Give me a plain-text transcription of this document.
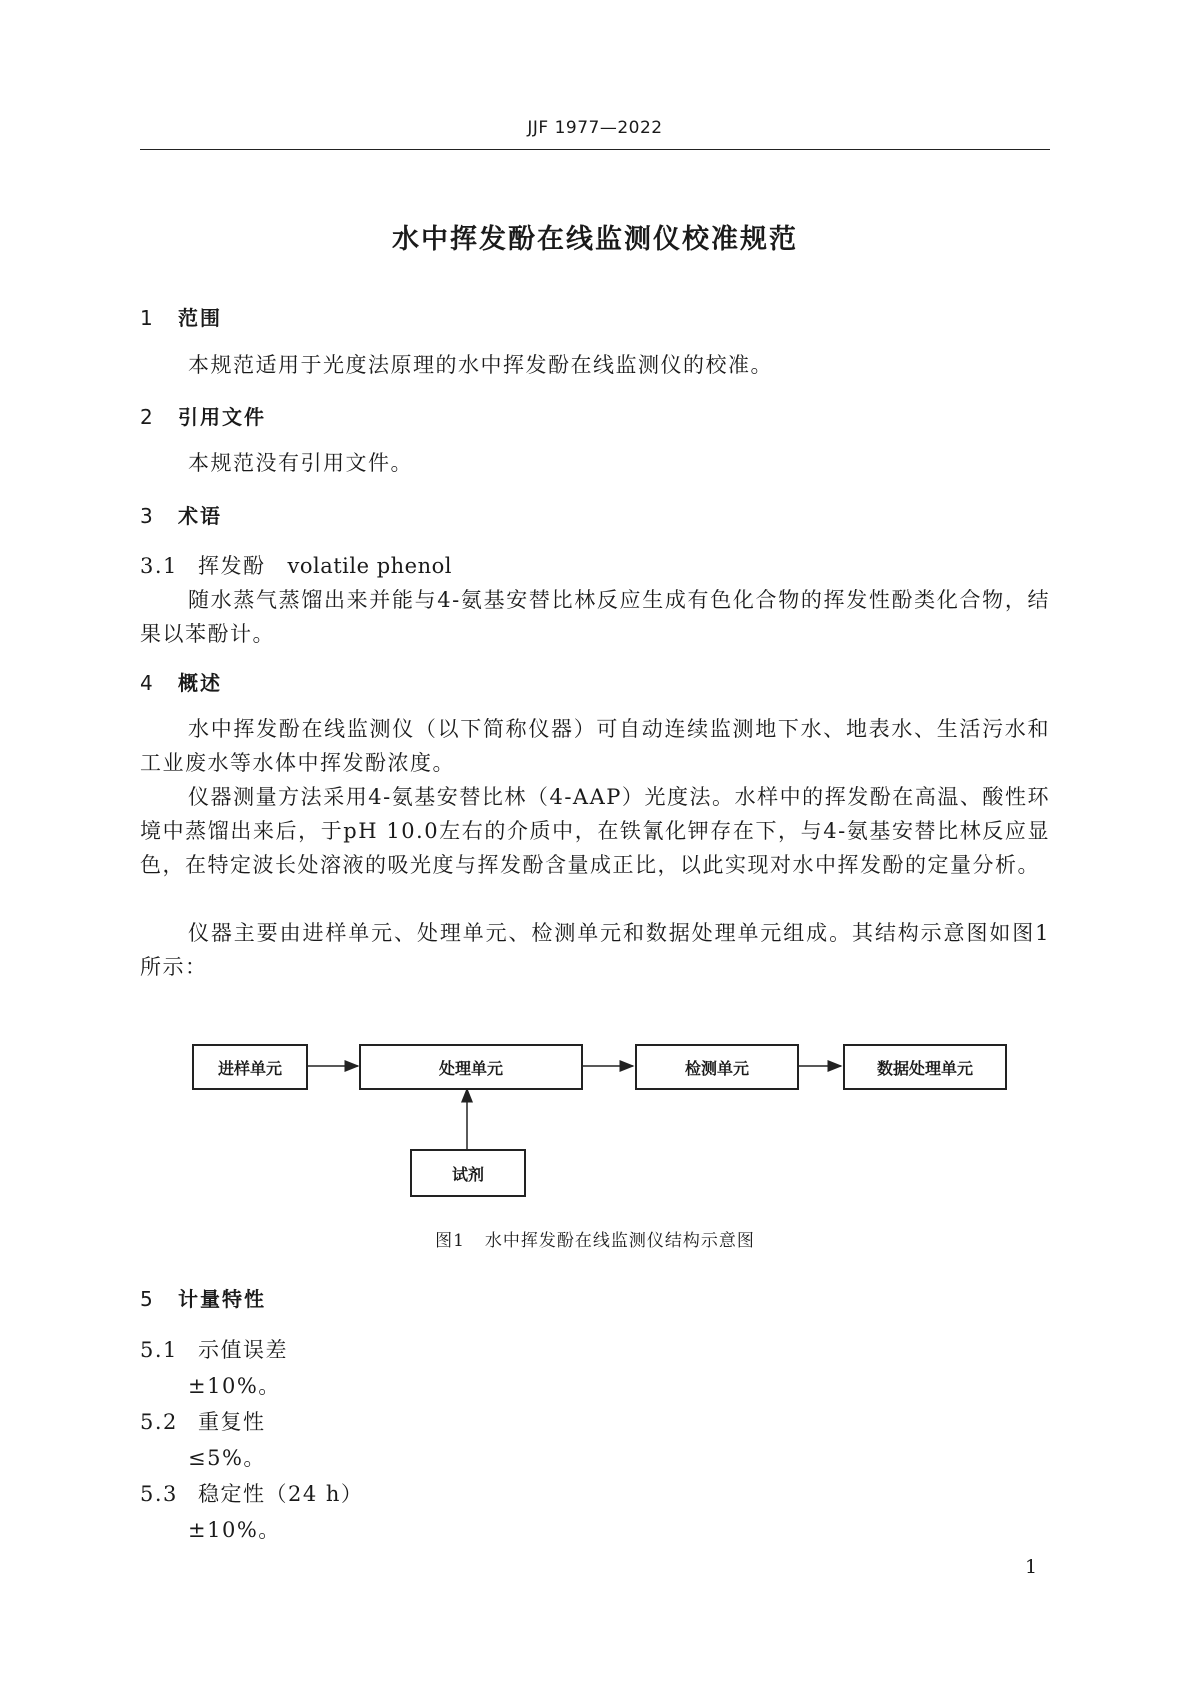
JJF 1977—2022
水中挥发酚在线监测仪校准规范
1 范围
本规范适用于光度法原理的水中挥发酚在线监测仪的校准。
2 引用文件
本规范没有引用文件。
3 术语
3.1 挥发酚 volatile phenol
随水蒸气蒸馏出来并能与4-氨基安替比林反应生成有色化合物的挥发性酚类化合物，结果以苯酚计。
4 概述
水中挥发酚在线监测仪（以下简称仪器）可自动连续监测地下水、地表水、生活污水和工业废水等水体中挥发酚浓度。
仪器测量方法采用4-氨基安替比林（4-AAP）光度法。水样中的挥发酚在高温、酸性环境中蒸馏出来后，于pH 10.0左右的介质中，在铁氰化钾存在下，与4-氨基安替比林反应显色，在特定波长处溶液的吸光度与挥发酚含量成正比，以此实现对水中挥发酚的定量分析。
仪器主要由进样单元、处理单元、检测单元和数据处理单元组成。其结构示意图如图1所示：
进样单元	处理单元	检测单元	数据处理单元
试剂
图1 水中挥发酚在线监测仪结构示意图
5 计量特性
5.1 示值误差
±10%。
5.2 重复性
≤5%。
5.3 稳定性（24 h）
±10%。
1
